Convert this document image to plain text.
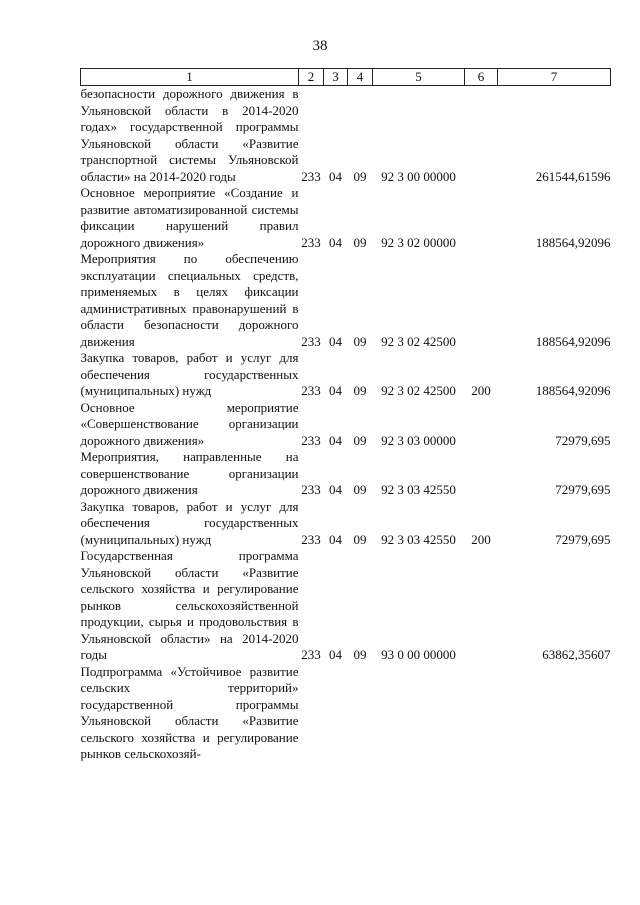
38
1	2	3	4	5	6	7
безопасности дорожного движения в Ульяновской области в 2014-2020 годах» государственной программы Ульяновской области «Развитие транспортной системы Ульяновской области» на 2014-2020 годы	233	04	09	92 3 00 00000		261544,61596
Основное мероприятие «Создание и развитие автоматизированной системы фиксации нарушений правил дорожного движения»	233	04	09	92 3 02 00000		188564,92096
Мероприятия по обеспечению эксплуатации специальных средств, применяемых в целях фиксации административных правонарушений в области безопасности дорожного движения	233	04	09	92 3 02 42500		188564,92096
Закупка товаров, работ и услуг для обеспечения государственных (муниципальных) нужд	233	04	09	92 3 02 42500	200	188564,92096
Основное мероприятие «Совершенствование организации дорожного движения»	233	04	09	92 3 03 00000		72979,695
Мероприятия, направленные на совершенствование организации дорожного движения	233	04	09	92 3 03 42550		72979,695
Закупка товаров, работ и услуг для обеспечения государственных (муниципальных) нужд	233	04	09	92 3 03 42550	200	72979,695
Государственная программа Ульяновской области «Развитие сельского хозяйства и регулирование рынков сельскохозяйственной продукции, сырья и продовольствия в Ульяновской области» на 2014-2020 годы	233	04	09	93 0 00 00000		63862,35607
Подпрограмма «Устойчивое развитие сельских территорий» государственной программы Ульяновской области «Развитие сельского хозяйства и регулирование рынков сельскохозяй-						
